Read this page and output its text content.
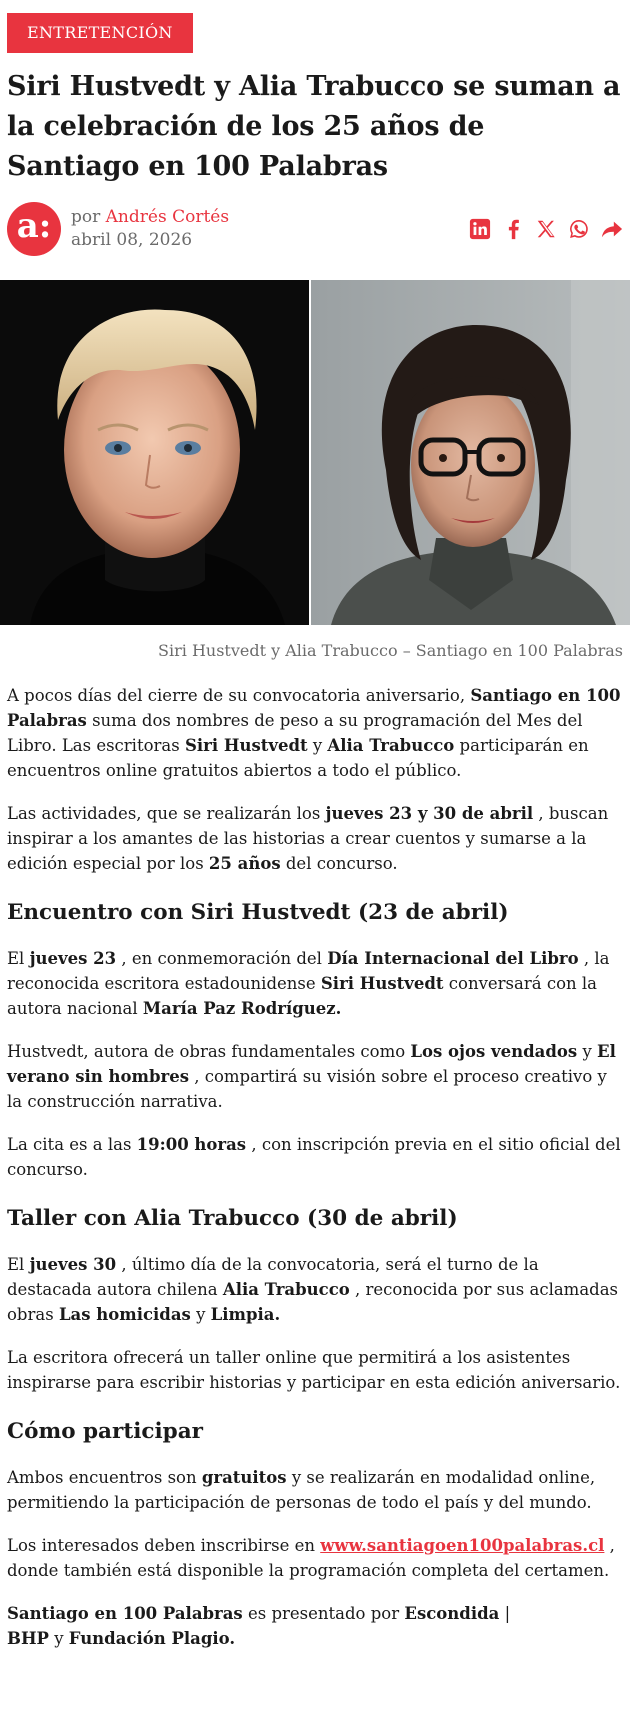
ENTRETENCIÓN
Siri Hustvedt y Alia Trabucco se suman a la celebración de los 25 años de Santiago en 100 Palabras
a: por Andrés Cortés
abril 08, 2026
Siri Hustvedt y Alia Trabucco – Santiago en 100 Palabras

A pocos días del cierre de su convocatoria aniversario, Santiago en 100 Palabras suma dos nombres de peso a su programación del Mes del Libro. Las escritoras Siri Hustvedt y Alia Trabucco participarán en encuentros online gratuitos abiertos a todo el público.

Las actividades, que se realizarán los jueves 23 y 30 de abril , buscan inspirar a los amantes de las historias a crear cuentos y sumarse a la edición especial por los 25 años del concurso.

Encuentro con Siri Hustvedt (23 de abril)

El jueves 23 , en conmemoración del Día Internacional del Libro , la reconocida escritora estadounidense Siri Hustvedt conversará con la autora nacional María Paz Rodríguez.

Hustvedt, autora de obras fundamentales como Los ojos vendados y El verano sin hombres , compartirá su visión sobre el proceso creativo y la construcción narrativa.

La cita es a las 19:00 horas , con inscripción previa en el sitio oficial del concurso.

Taller con Alia Trabucco (30 de abril)

El jueves 30 , último día de la convocatoria, será el turno de la destacada autora chilena Alia Trabucco , reconocida por sus aclamadas obras Las homicidas y Limpia.

La escritora ofrecerá un taller online que permitirá a los asistentes inspirarse para escribir historias y participar en esta edición aniversario.

Cómo participar

Ambos encuentros son gratuitos y se realizarán en modalidad online, permitiendo la participación de personas de todo el país y del mundo.

Los interesados deben inscribirse en www.santiagoen100palabras.cl , donde también está disponible la programación completa del certamen.

Santiago en 100 Palabras es presentado por Escondida |
BHP y Fundación Plagio.
